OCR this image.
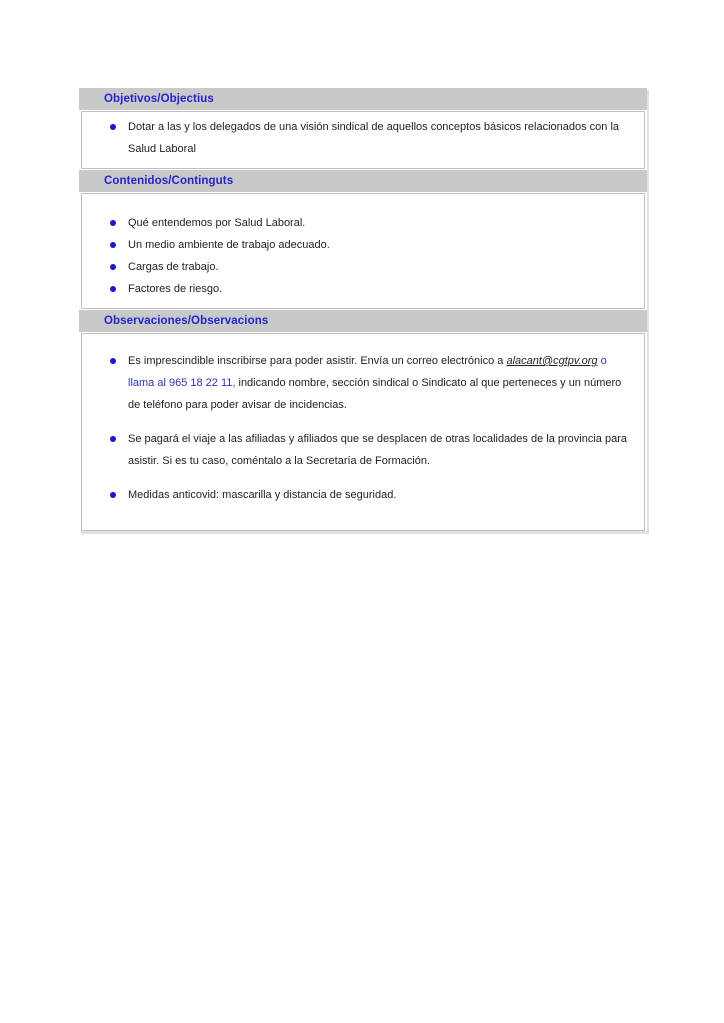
Objetivos/Objectius
Dotar a las y los delegados de una visión sindical de aquellos conceptos básicos relacionados con la Salud Laboral
Contenidos/Continguts
Qué entendemos por Salud Laboral.
Un medio ambiente de trabajo adecuado.
Cargas de trabajo.
Factores de riesgo.
Observaciones/Observacions
Es imprescindible inscribirse para poder asistir. Envía un correo electrónico a alacant@cgtpv.org o llama al 965 18 22 11, indicando nombre, sección sindical o Sindicato al que perteneces y un número de teléfono para poder avisar de incidencias.
Se pagará el viaje a las afiliadas y afiliados que se desplacen de otras localidades de la provincia para asistir. Si es tu caso, coméntalo a la Secretaría de Formación.
Medidas anticovid: mascarilla y distancia de seguridad.
